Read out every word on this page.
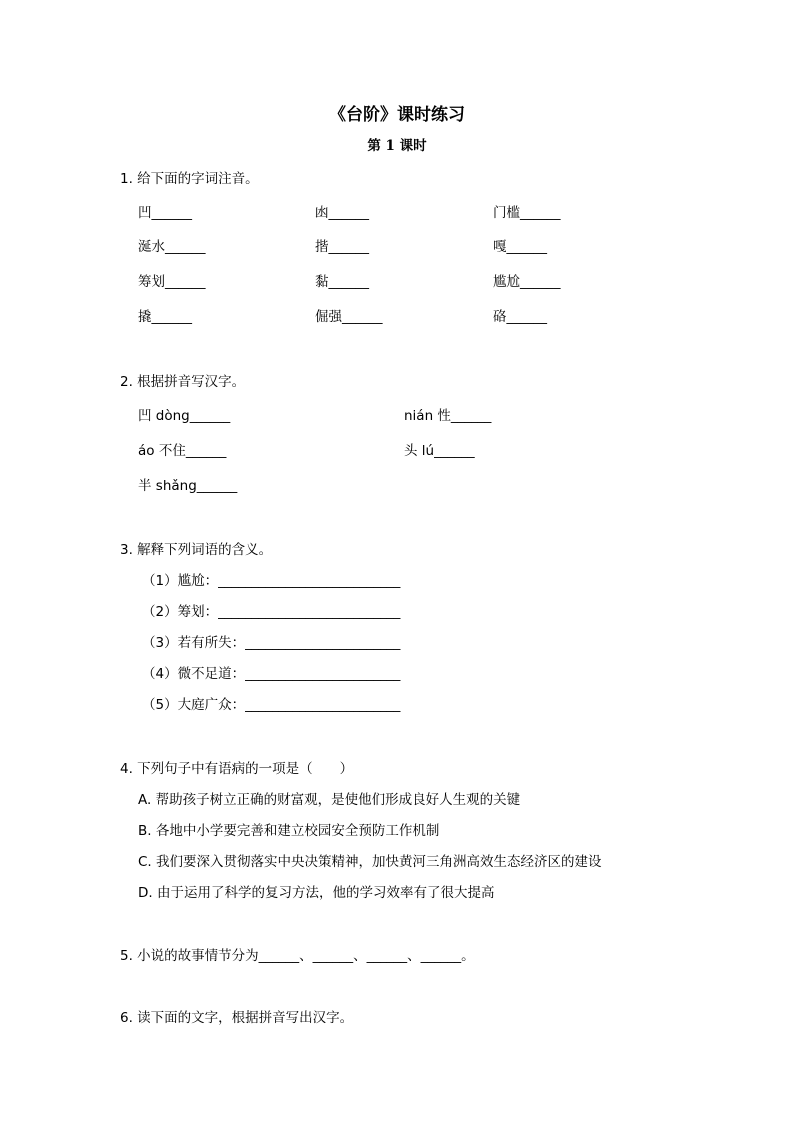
《台阶》课时练习
第 1 课时
1. 给下面的字词注音。
凹______	凼______	门槛______
涎水______	揩______	嘎______
筹划______	黏______	尴尬______
撬______	倔强______	硌______
2. 根据拼音写汉字。
凹 dòng______	nián 性______
áo 不住______	头 lú______
半 shǎng______
3. 解释下列词语的含义。
（1）尴尬：___________________________
（2）筹划：___________________________
（3）若有所失：_______________________
（4）微不足道：_______________________
（5）大庭广众：_______________________
4. 下列句子中有语病的一项是（　　）
A. 帮助孩子树立正确的财富观，是使他们形成良好人生观的关键
B. 各地中小学要完善和建立校园安全预防工作机制
C. 我们要深入贯彻落实中央决策精神，加快黄河三角洲高效生态经济区的建设
D. 由于运用了科学的复习方法，他的学习效率有了很大提高
5. 小说的故事情节分为______、______、______、______。
6. 读下面的文字，根据拼音写出汉字。
